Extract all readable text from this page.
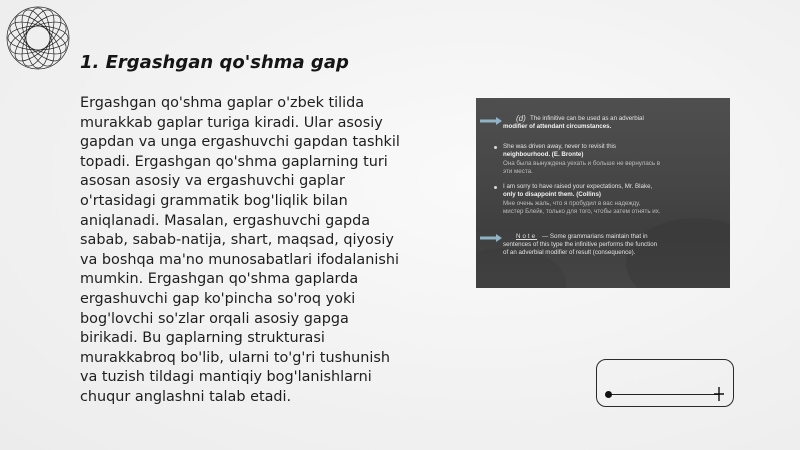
1. Ergashgan qo'shma gap
Ergashgan qo'shma gaplar o'zbek tilida
murakkab gaplar turiga kiradi. Ular asosiy
gapdan va unga ergashuvchi gapdan tashkil
topadi. Ergashgan qo'shma gaplarning turi
asosan asosiy va ergashuvchi gaplar
o'rtasidagi grammatik bog'liqlik bilan
aniqlanadi. Masalan, ergashuvchi gapda
sabab, sabab-natija, shart, maqsad, qiyosiy
va boshqa ma'no munosabatlari ifodalanishi
mumkin. Ergashgan qo'shma gaplarda
ergashuvchi gap ko'pincha so'roq yoki
bog'lovchi so'zlar orqali asosiy gapga
birikadi. Bu gaplarning strukturasi
murakkabroq bo'lib, ularni to'g'ri tushunish
va tuzish tildagi mantiqiy bog'lanishlarni
chuqur anglashni talab etadi.
(d) The infinitive can be used as an adverbial
modifier of attendant circumstances.
She was driven away, never to revisit this
neighbourhood. (E. Bronte)
Она была вынуждена уехать и больше не вернулась в
эти места.
I am sorry to have raised your expectations, Mr. Blake,
only to disappoint them. (Collins)
Мне очень жаль, что я пробудил в вас надежду,
мистер Блейк, только для того, чтобы затем отнять их.
Note — Some grammarians maintain that in
sentences of this type the infinitive performs the function
of an adverbial modifier of result (consequence).
